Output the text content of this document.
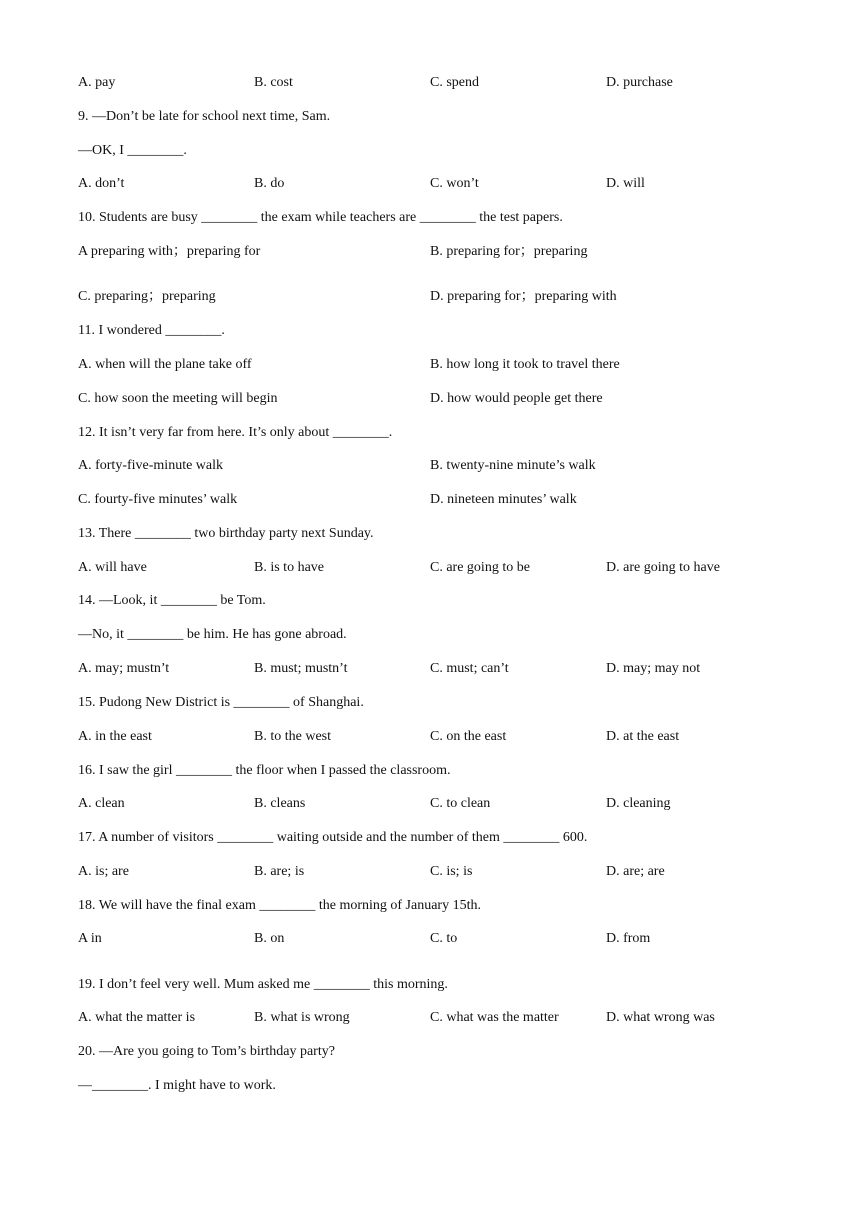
A. pay	B. cost	C. spend	D. purchase
9. —Don’t be late for school next time, Sam.
—OK, I ________.
A. don’t	B. do	C. won’t	D. will
10. Students are busy ________ the exam while teachers are ________ the test papers.
A preparing with；preparing for	B. preparing for；preparing
C. preparing；preparing	D. preparing for；preparing with
11. I wondered ________.
A. when will the plane take off	B. how long it took to travel there
C. how soon the meeting will begin	D. how would people get there
12. It isn’t very far from here. It’s only about ________.
A. forty-five-minute walk	B. twenty-nine minute’s walk
C. fourty-five minutes’ walk	D. nineteen minutes’ walk
13. There ________ two birthday party next Sunday.
A. will have	B. is to have	C. are going to be	D. are going to have
14. —Look, it ________ be Tom.
—No, it ________ be him. He has gone abroad.
A. may; mustn’t	B. must; mustn’t	C. must; can’t	D. may; may not
15. Pudong New District is ________ of Shanghai.
A. in the east	B. to the west	C. on the east	D. at the east
16. I saw the girl ________ the floor when I passed the classroom.
A. clean	B. cleans	C. to clean	D. cleaning
17. A number of visitors ________ waiting outside and the number of them ________ 600.
A. is; are	B. are; is	C. is; is	D. are; are
18. We will have the final exam ________ the morning of January 15th.
A in	B. on	C. to	D. from
19. I don’t feel very well. Mum asked me ________ this morning.
A. what the matter is	B. what is wrong	C. what was the matter	D. what wrong was
20. —Are you going to Tom’s birthday party?
—________. I might have to work.
